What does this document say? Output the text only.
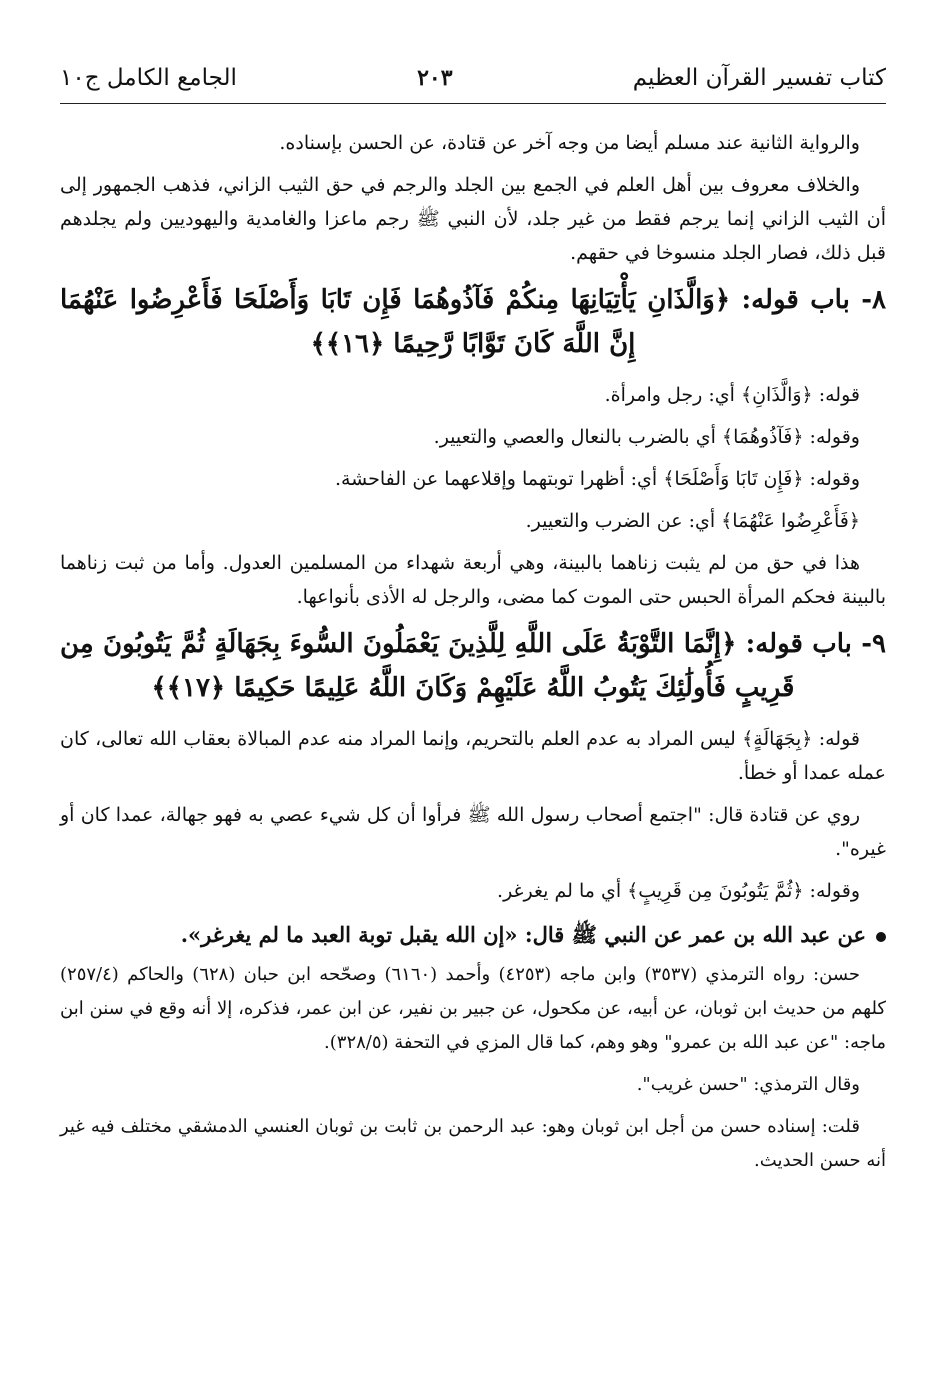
كتاب تفسير القرآن العظيم
٢٠٣
الجامع الكامل ج١٠

والرواية الثانية عند مسلم أيضا من وجه آخر عن قتادة، عن الحسن بإسناده.

والخلاف معروف بين أهل العلم في الجمع بين الجلد والرجم في حق الثيب الزاني، فذهب الجمهور إلى أن الثيب الزاني إنما يرجم فقط من غير جلد، لأن النبي ﷺ رجم ماعزا والغامدية واليهوديين ولم يجلدهم قبل ذلك، فصار الجلد منسوخا في حقهم.

٨- باب قوله: ﴿وَالَّذَانِ يَأْتِيَانِهَا مِنكُمْ فَآذُوهُمَا فَإِن تَابَا وَأَصْلَحَا فَأَعْرِضُوا عَنْهُمَا إِنَّ اللَّهَ كَانَ تَوَّابًا رَّحِيمًا ﴿١٦﴾﴾

قوله: ﴿وَالَّذَانِ﴾ أي: رجل وامرأة.

وقوله: ﴿فَآذُوهُمَا﴾ أي بالضرب بالنعال والعصي والتعيير.

وقوله: ﴿فَإِن تَابَا وَأَصْلَحَا﴾ أي: أظهرا توبتهما وإقلاعهما عن الفاحشة.

﴿فَأَعْرِضُوا عَنْهُمَا﴾ أي: عن الضرب والتعيير.

هذا في حق من لم يثبت زناهما بالبينة، وهي أربعة شهداء من المسلمين العدول. وأما من ثبت زناهما بالبينة فحكم المرأة الحبس حتى الموت كما مضى، والرجل له الأذى بأنواعها.

٩- باب قوله: ﴿إِنَّمَا التَّوْبَةُ عَلَى اللَّهِ لِلَّذِينَ يَعْمَلُونَ السُّوءَ بِجَهَالَةٍ ثُمَّ يَتُوبُونَ مِن قَرِيبٍ فَأُولَٰئِكَ يَتُوبُ اللَّهُ عَلَيْهِمْ وَكَانَ اللَّهُ عَلِيمًا حَكِيمًا ﴿١٧﴾﴾

قوله: ﴿بِجَهَالَةٍ﴾ ليس المراد به عدم العلم بالتحريم، وإنما المراد منه عدم المبالاة بعقاب الله تعالى، كان عمله عمدا أو خطأ.

روي عن قتادة قال: "اجتمع أصحاب رسول الله ﷺ فرأوا أن كل شيء عصي به فهو جهالة، عمدا كان أو غيره".

وقوله: ﴿ثُمَّ يَتُوبُونَ مِن قَرِيبٍ﴾ أي ما لم يغرغر.

عن عبد الله بن عمر عن النبي ﷺ قال: «إن الله يقبل توبة العبد ما لم يغرغر».

حسن: رواه الترمذي (٣٥٣٧) وابن ماجه (٤٢٥٣) وأحمد (٦١٦٠) وصحّحه ابن حبان (٦٢٨) والحاكم (٢٥٧/٤) كلهم من حديث ابن ثوبان، عن أبيه، عن مكحول، عن جبير بن نفير، عن ابن عمر، فذكره، إلا أنه وقع في سنن ابن ماجه: "عن عبد الله بن عمرو" وهو وهم، كما قال المزي في التحفة (٣٢٨/٥).

وقال الترمذي: "حسن غريب".

قلت: إسناده حسن من أجل ابن ثوبان وهو: عبد الرحمن بن ثابت بن ثوبان العنسي الدمشقي مختلف فيه غير أنه حسن الحديث.
